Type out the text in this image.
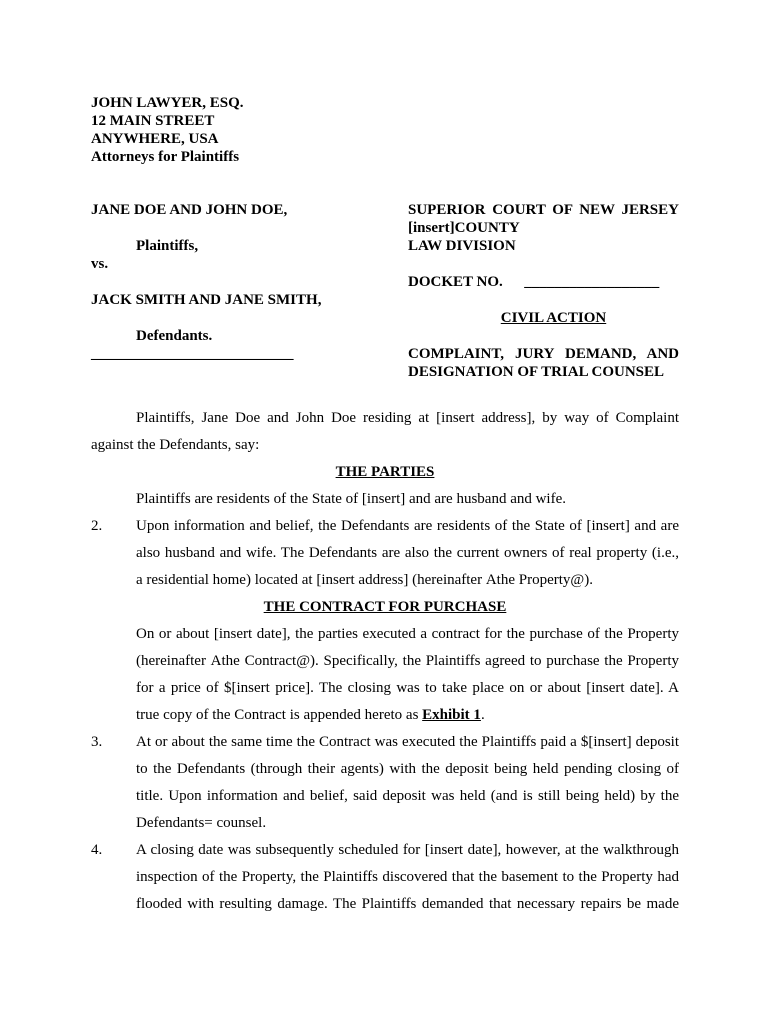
JOHN LAWYER, ESQ.
12 MAIN STREET
ANYWHERE, USA
Attorneys for Plaintiffs
JANE DOE AND JOHN DOE,
Plaintiffs,
vs.
JACK SMITH AND JANE SMITH,
Defendants.
___________________________
SUPERIOR COURT OF NEW JERSEY
[insert]COUNTY
LAW DIVISION
DOCKET NO. __________________
CIVIL ACTION
COMPLAINT, JURY DEMAND, AND
DESIGNATION OF TRIAL COUNSEL
Plaintiffs, Jane Doe and John Doe residing at [insert address], by way of Complaint
against the Defendants, say:
THE PARTIES
Plaintiffs are residents of the State of [insert] and are husband and wife.
2. Upon information and belief, the Defendants are residents of the State of [insert] and are
also husband and wife. The Defendants are also the current owners of real property (i.e.,
a residential home) located at [insert address] (hereinafter Аthe Property@).
THE CONTRACT FOR PURCHASE
On or about [insert date], the parties executed a contract for the purchase of the Property
(hereinafter Аthe Contract@). Specifically, the Plaintiffs agreed to purchase the Property
for a price of $[insert price]. The closing was to take place on or about [insert date]. A
true copy of the Contract is appended hereto as Exhibit 1.
3. At or about the same time the Contract was executed the Plaintiffs paid a $[insert] deposit
to the Defendants (through their agents) with the deposit being held pending closing of
title. Upon information and belief, said deposit was held (and is still being held) by the
Defendants= counsel.
4. A closing date was subsequently scheduled for [insert date], however, at the walkthrough
inspection of the Property, the Plaintiffs discovered that the basement to the Property had
flooded with resulting damage. The Plaintiffs demanded that necessary repairs be made
